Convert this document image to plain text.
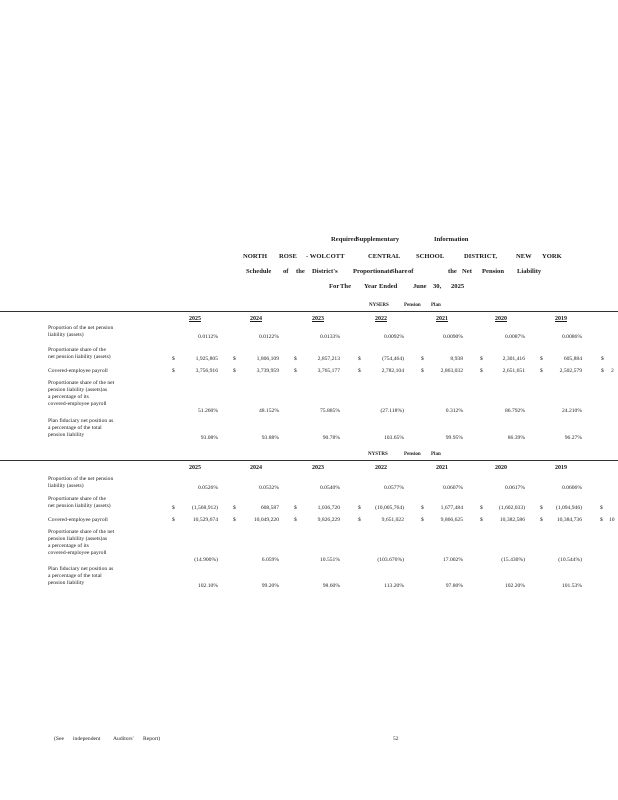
Required
Supplementary	Information
NORTH ROSE - WOLCOTT	CENTRAL SCHOOL	DISTRICT,	NEW YORK
Schedule of the District's Proportionate
Share of	the Net Pension Liability
For The Year Ended June 30, 2025
NYSERS	Pension Plan
2025	2024	2023	2022	2021	2020	2019
Proportion of the net pension
liability (assets)	0.0112%	0.0122%	0.0133%	0.0092%	0.0090%	0.0087%	0.0086%
Proportionate share of the
net pension liability (assets)	$	1,925,805	$	1,806,109	$	2,857,213	$	(754,464)	$	8,938	$	2,301,416	$	605,884
Covered-employee payroll	$	3,756,916	$	3,739,959	$	3,765,177	$	2,782,104	$	2,863,032	$	2,651,651	$	2,502,579
Proportionate share of the net
pension liability (assets)as
a percentage of its
covered-employee payroll
51.260%	48.152%	75.885%	(27.118%)	0.312%	86.792%	24.210%
Plan fiduciary net position as
a percentage of the total
pension liability	93.08%	93.88%	90.78%	103.65%	99.95%	86.39%	96.27%
$
$ 2
NYSTRS	Pension Plan
2025	2024	2023	2022	2021	2020	2019
Proportion of the net pension
liability (assets)	0.0526%	0.0532%	0.0540%	0.0577%	0.0607%	0.0617%	0.0606%
Proportionate share of the
net pension liability (assets)	$	(1,568,912)	$	608,587	$	1,036,720	$	(10,005,764)	$	1,677,484	$	(1,602,033)	$	(1,094,946)
Covered-employee payroll	$	10,529,674	$	10,049,220	$	9,826,229	$	9,651,022	$	9,866,625	$	10,382,586	$	10,384,736
Proportionate share of the net
pension liability (assets)as
a percentage of its
covered-employee payroll
(14.900%)	6.059%	10.551%	(103.676%)	17.002%	(15.430%)	(10.544%)
Plan fiduciary net position as
a percentage of the total
pension liability	102.10%	99.20%	98.60%	113.20%	97.80%	102.20%	101.53%
$
$ 10
(See independent Auditors' Report)	52
